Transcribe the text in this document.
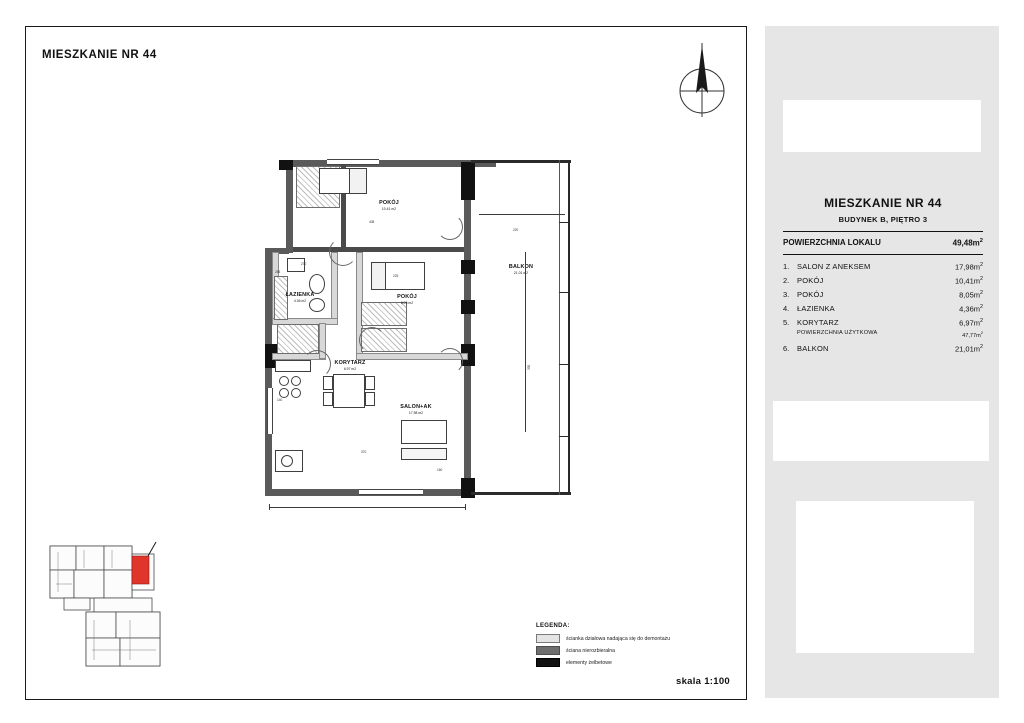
MIESZKANIE NR 44
BALKON
21.01 m2
POKÓJ
10.41 m2
POKÓJ
8.05 m2
ŁAZIENKA
4.36 m2
KORYTARZ
6.97 m2
SALON+AK
17.98 m2
408
220
330
285
270
225
140
370
160
LEGENDA:
ścianka działowa nadająca się do demontażu
ściana nierozbieralna
elementy żelbetowe
skala 1:100
MIESZKANIE NR 44
BUDYNEK B, PIĘTRO 3
POWIERZCHNIA LOKALU	$49,48m^2$
1.	SALON Z ANEKSEM	$17,98m^2$
2.	POKÓJ	$10,41m^2$
3.	POKÓJ	$8,05m^2$
4.	ŁAZIENKA	$4,36m^2$
5.	KORYTARZ	$6,97m^2$
POWIERZCHNIA UŻYTKOWA	$47,77m^2$
6.	BALKON	$21,01m^2$
